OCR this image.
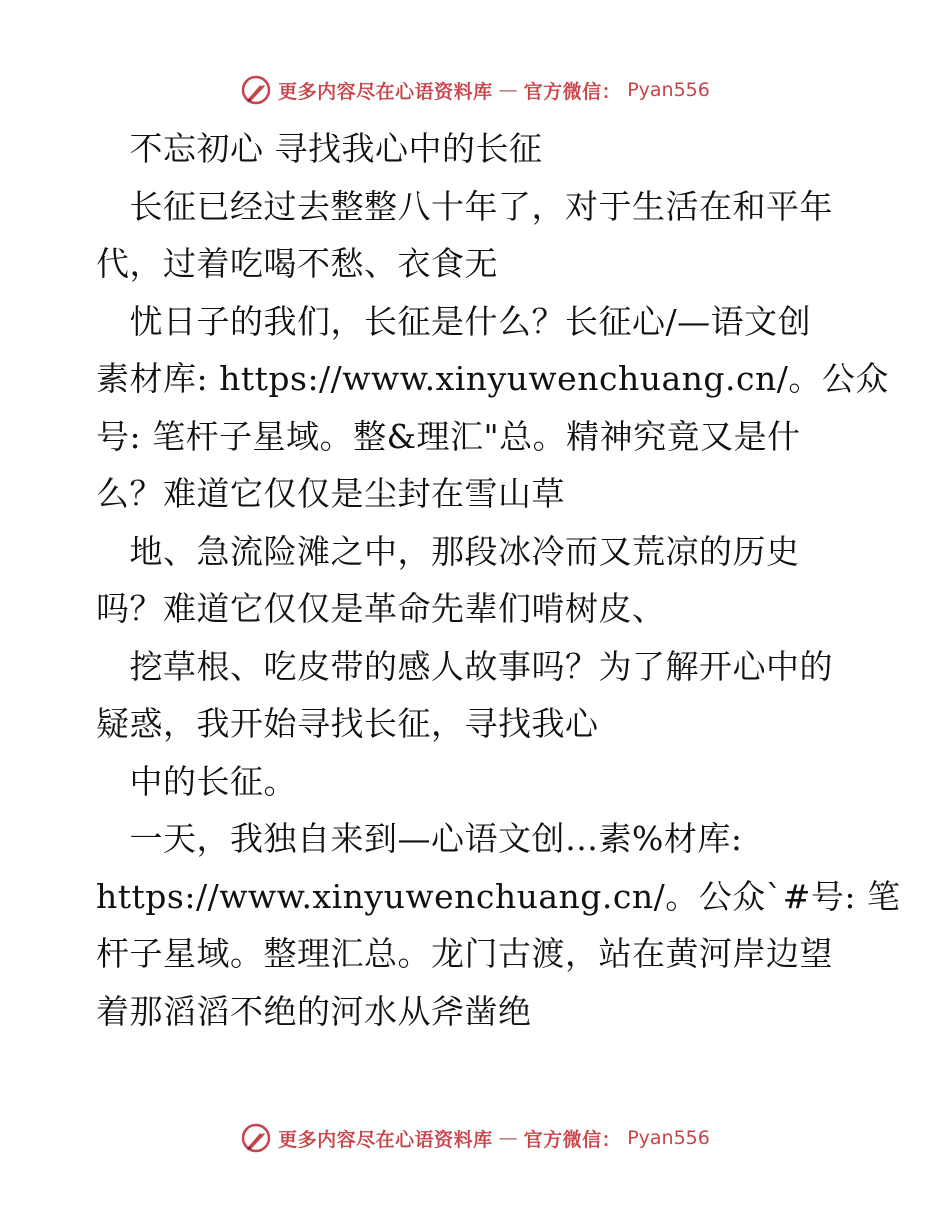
更多内容尽在心语资料库 — 官方微信： Pyan556
　不忘初心 寻找我心中的长征
　长征已经过去整整八十年了，对于生活在和平年
代，过着吃喝不愁、衣食无
　忧日子的我们，长征是什么？长征心/—语文创
素材库: https://www.xinyuwenchuang.cn/。公众
号: 笔杆子星域。整&理汇"总。精神究竟又是什
么？难道它仅仅是尘封在雪山草
　地、急流险滩之中，那段冰冷而又荒凉的历史
吗？难道它仅仅是革命先辈们啃树皮、
　挖草根、吃皮带的感人故事吗？为了解开心中的
疑惑，我开始寻找长征，寻找我心
　中的长征。
　一天，我独自来到—心语文创…素%材库:
https://www.xinyuwenchuang.cn/。公众`#号: 笔
杆子星域。整理汇总。龙门古渡，站在黄河岸边望
着那滔滔不绝的河水从斧凿绝
更多内容尽在心语资料库 — 官方微信： Pyan556
